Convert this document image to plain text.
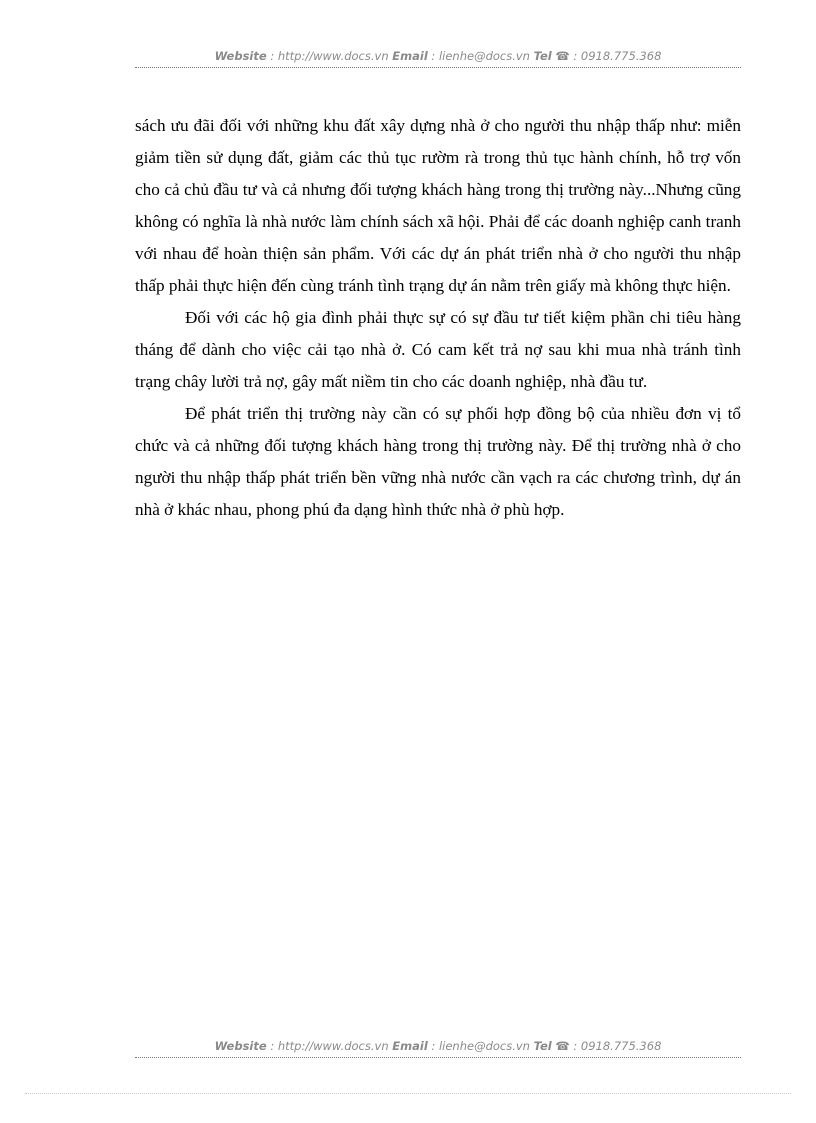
Website : http://www.docs.vn Email : lienhe@docs.vn Tel ☎ : 0918.775.368

sách ưu đãi đối với những khu đất xây dựng nhà ở cho người thu nhập thấp như: miễn giảm tiền sử dụng đất, giảm các thủ tục rườm rà trong thủ tục hành chính, hỗ trợ vốn cho cả chủ đầu tư và cả nhưng đối tượng khách hàng trong thị trường này...Nhưng cũng không có nghĩa là nhà nước làm chính sách xã hội. Phải để các doanh nghiệp canh tranh với nhau để hoàn thiện sản phẩm. Với các dự án phát triển nhà ở cho người thu nhập thấp phải thực hiện đến cùng tránh tình trạng dự án nằm trên giấy mà không thực hiện.

Đối với các hộ gia đình phải thực sự có sự đầu tư tiết kiệm phần chi tiêu hàng tháng để dành cho việc cải tạo nhà ở. Có cam kết trả nợ sau khi mua nhà tránh tình trạng chây lười trả nợ, gây mất niềm tin cho các doanh nghiệp, nhà đầu tư.

Để phát triển thị trường này cần có sự phối hợp đồng bộ của nhiều đơn vị tổ chức và cả những đối tượng khách hàng trong thị trường này. Để thị trường nhà ở cho người thu nhập thấp phát triển bền vững nhà nước cần vạch ra các chương trình, dự án nhà ở khác nhau, phong phú đa dạng hình thức nhà ở phù hợp.

Website : http://www.docs.vn Email : lienhe@docs.vn Tel ☎ : 0918.775.368
